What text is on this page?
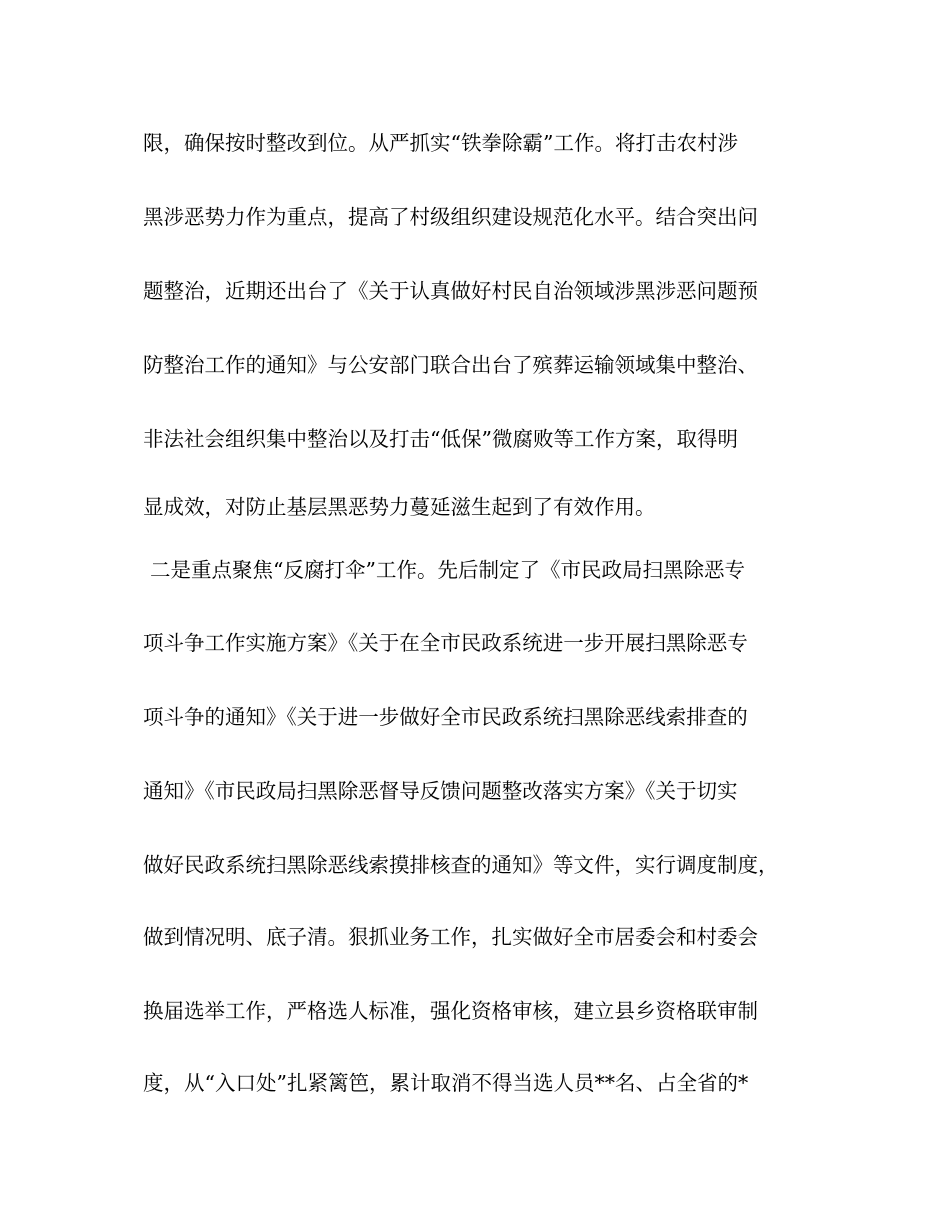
限，确保按时整改到位。从严抓实“铁拳除霸”工作。将打击农村涉
黑涉恶势力作为重点，提高了村级组织建设规范化水平。结合突出问
题整治，近期还出台了《关于认真做好村民自治领域涉黑涉恶问题预
防整治工作的通知》与公安部门联合出台了殡葬运输领域集中整治、
非法社会组织集中整治以及打击“低保”微腐败等工作方案，取得明
显成效，对防止基层黑恶势力蔓延滋生起到了有效作用。
二是重点聚焦“反腐打伞”工作。先后制定了《市民政局扫黑除恶专
项斗争工作实施方案》《关于在全市民政系统进一步开展扫黑除恶专
项斗争的通知》《关于进一步做好全市民政系统扫黑除恶线索排查的
通知》《市民政局扫黑除恶督导反馈问题整改落实方案》《关于切实
做好民政系统扫黑除恶线索摸排核查的通知》等文件，实行调度制度，
做到情况明、底子清。狠抓业务工作，扎实做好全市居委会和村委会
换届选举工作，严格选人标准，强化资格审核，建立县乡资格联审制
度，从“入口处”扎紧篱笆，累计取消不得当选人员**名、占全省的*
